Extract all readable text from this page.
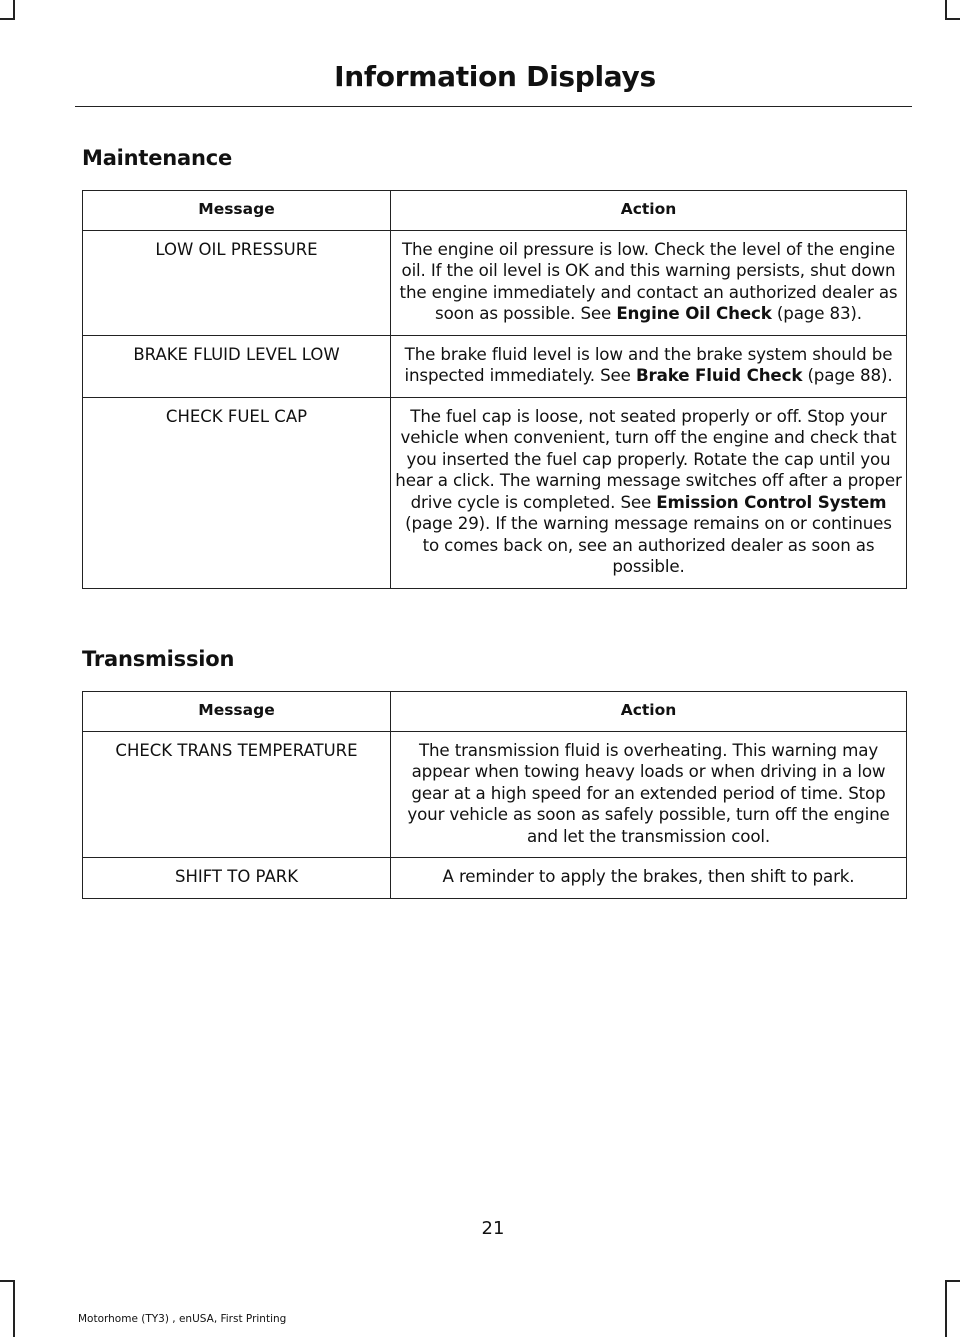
Information Displays
Maintenance
Message	Action
LOW OIL PRESSURE	The engine oil pressure is low. Check the level of the engine oil. If the oil level is OK and this warning persists, shut down the engine immediately and contact an authorized dealer as soon as possible. See Engine Oil Check (page 83).
BRAKE FLUID LEVEL LOW	The brake fluid level is low and the brake system should be inspected immediately. See Brake Fluid Check (page 88).
CHECK FUEL CAP	The fuel cap is loose, not seated properly or off. Stop your vehicle when convenient, turn off the engine and check that you inserted the fuel cap properly. Rotate the cap until you hear a click. The warning message switches off after a proper drive cycle is completed. See Emission Control System (page 29). If the warning message remains on or continues to comes back on, see an authorized dealer as soon as possible.
Transmission
Message	Action
CHECK TRANS TEMPERATURE	The transmission fluid is overheating. This warning may appear when towing heavy loads or when driving in a low gear at a high speed for an extended period of time. Stop your vehicle as soon as safely possible, turn off the engine and let the transmission cool.
SHIFT TO PARK	A reminder to apply the brakes, then shift to park.
21
Motorhome (TY3) , enUSA, First Printing
